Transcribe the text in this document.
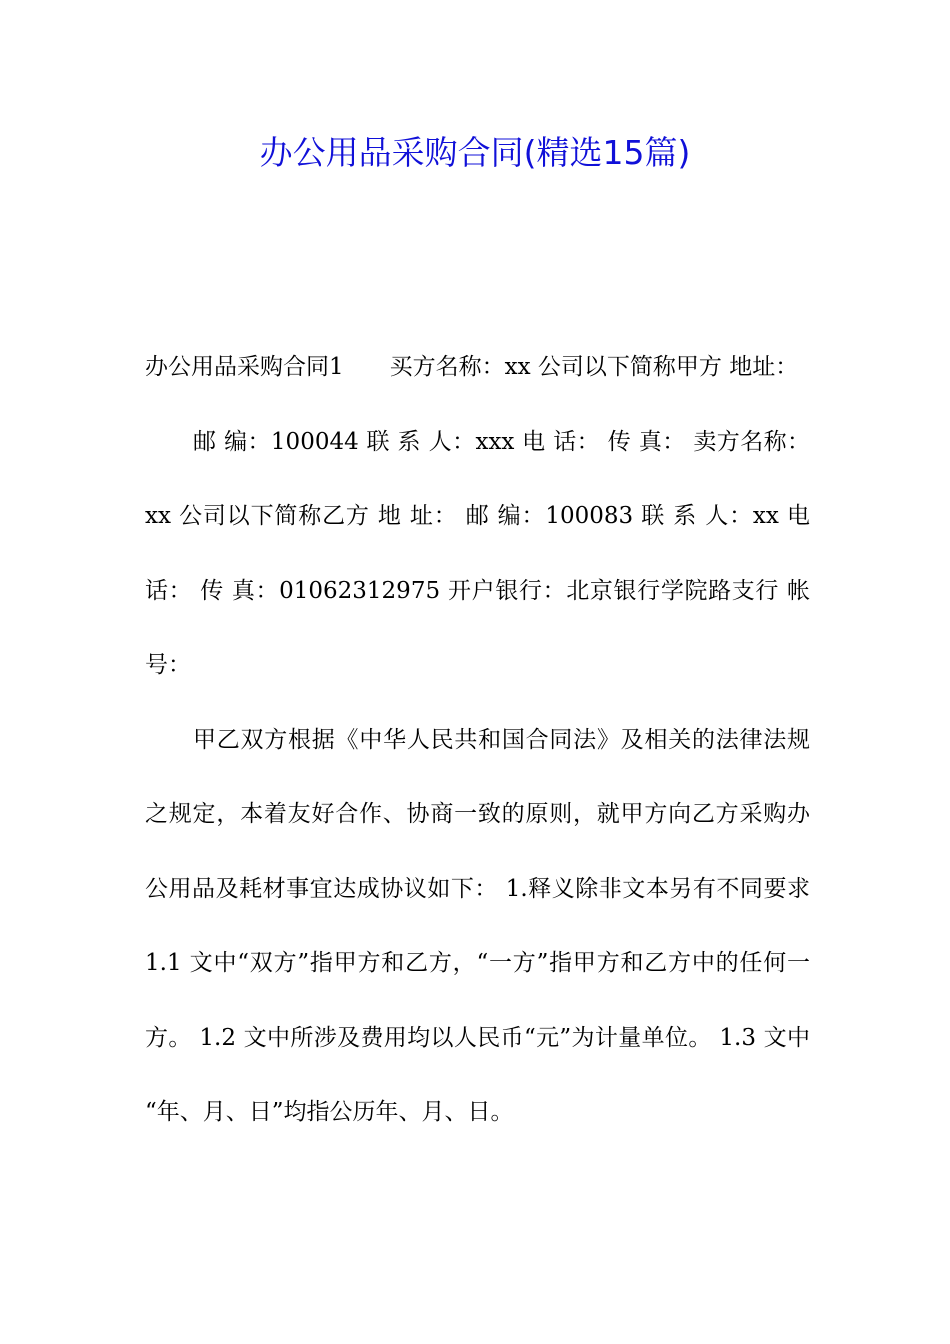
办公用品采购合同(精选15篇)

办公用品采购合同1　　买方名称：xx 公司以下简称甲方 地址：

邮 编：100044 联 系 人：xxx 电 话： 传 真： 卖方名称：xx 公司以下简称乙方 地 址： 邮 编：100083 联 系 人：xx 电 话： 传 真：01062312975 开户银行：北京银行学院路支行 帐 号：

甲乙双方根据《中华人民共和国合同法》及相关的法律法规之规定，本着友好合作、协商一致的原则，就甲方向乙方采购办公用品及耗材事宜达成协议如下： 1.释义除非文本另有不同要求 1.1 文中“双方”指甲方和乙方，“一方”指甲方和乙方中的任何一方。 1.2 文中所涉及费用均以人民币“元”为计量单位。 1.3 文中“年、月、日”均指公历年、月、日。
